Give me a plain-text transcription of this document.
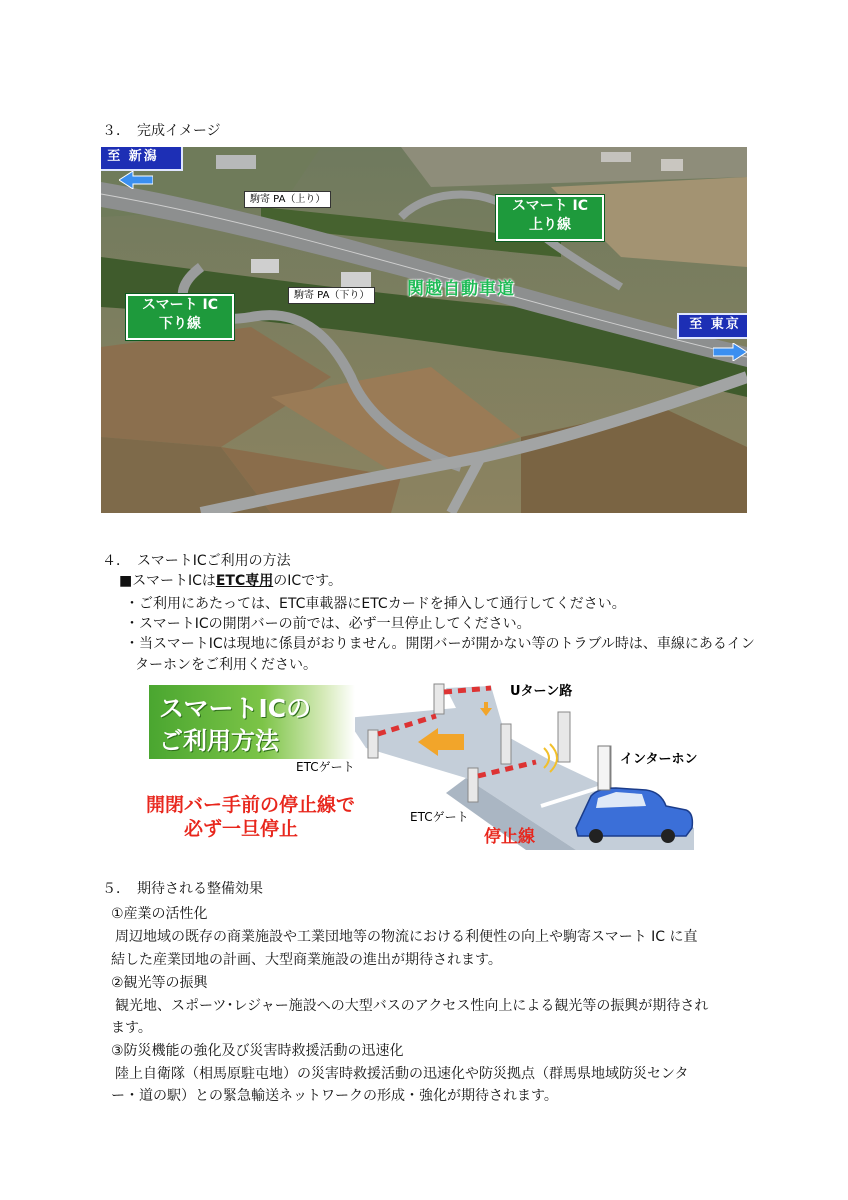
３．　完成イメージ
至 新潟
至 東京
駒寄 PA（上り）
駒寄 PA（下り）
スマート IC
上り線
スマート IC
下り線
関越自動車道
４．　スマートICご利用の方法
■スマートICはETC専用のICです。
・ご利用にあたっては、ETC車載器にETCカードを挿入して通行してください。
・スマートICの開閉バーの前では、必ず一旦停止してください。
・当スマートICは現地に係員がおりません。開閉バーが開かない等のトラブル時は、車線にあるイン
ターホンをご利用ください。
スマートICの
ご利用方法
Uターン路
インターホン
ETCゲート
ETCゲート
開閉バー手前の停止線で
必ず一旦停止	停止線
５．　期待される整備効果
①産業の活性化
　周辺地域の既存の商業施設や工業団地等の物流における利便性の向上や駒寄スマート IC に直
結した産業団地の計画、大型商業施設の進出が期待されます。
②観光等の振興
　観光地、スポーツ･レジャー施設への大型バスのアクセス性向上による観光等の振興が期待され
ます。
③防災機能の強化及び災害時救援活動の迅速化
　陸上自衛隊（相馬原駐屯地）の災害時救援活動の迅速化や防災拠点（群馬県地域防災センタ
ー・道の駅）との緊急輸送ネットワークの形成・強化が期待されます。
